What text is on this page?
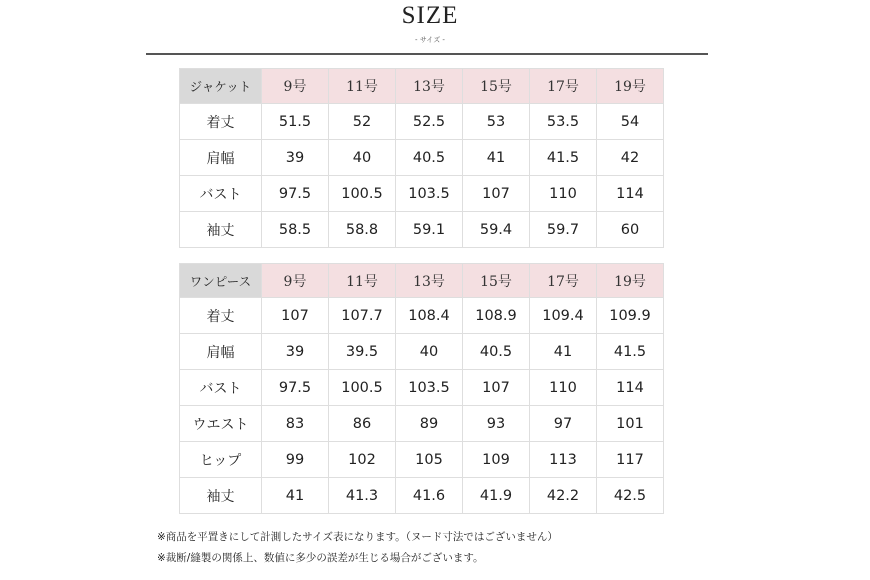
SIZE
- サイズ -
ジャケット	9号	11号	13号	15号	17号	19号
着丈	51.5	52	52.5	53	53.5	54
肩幅	39	40	40.5	41	41.5	42
バスト	97.5	100.5	103.5	107	110	114
袖丈	58.5	58.8	59.1	59.4	59.7	60
ワンピース	9号	11号	13号	15号	17号	19号
着丈	107	107.7	108.4	108.9	109.4	109.9
肩幅	39	39.5	40	40.5	41	41.5
バスト	97.5	100.5	103.5	107	110	114
ウエスト	83	86	89	93	97	101
ヒップ	99	102	105	109	113	117
袖丈	41	41.3	41.6	41.9	42.2	42.5
※商品を平置きにして計測したサイズ表になります。（ヌード寸法ではございません）
※裁断/縫製の関係上、数値に多少の誤差が生じる場合がございます。
